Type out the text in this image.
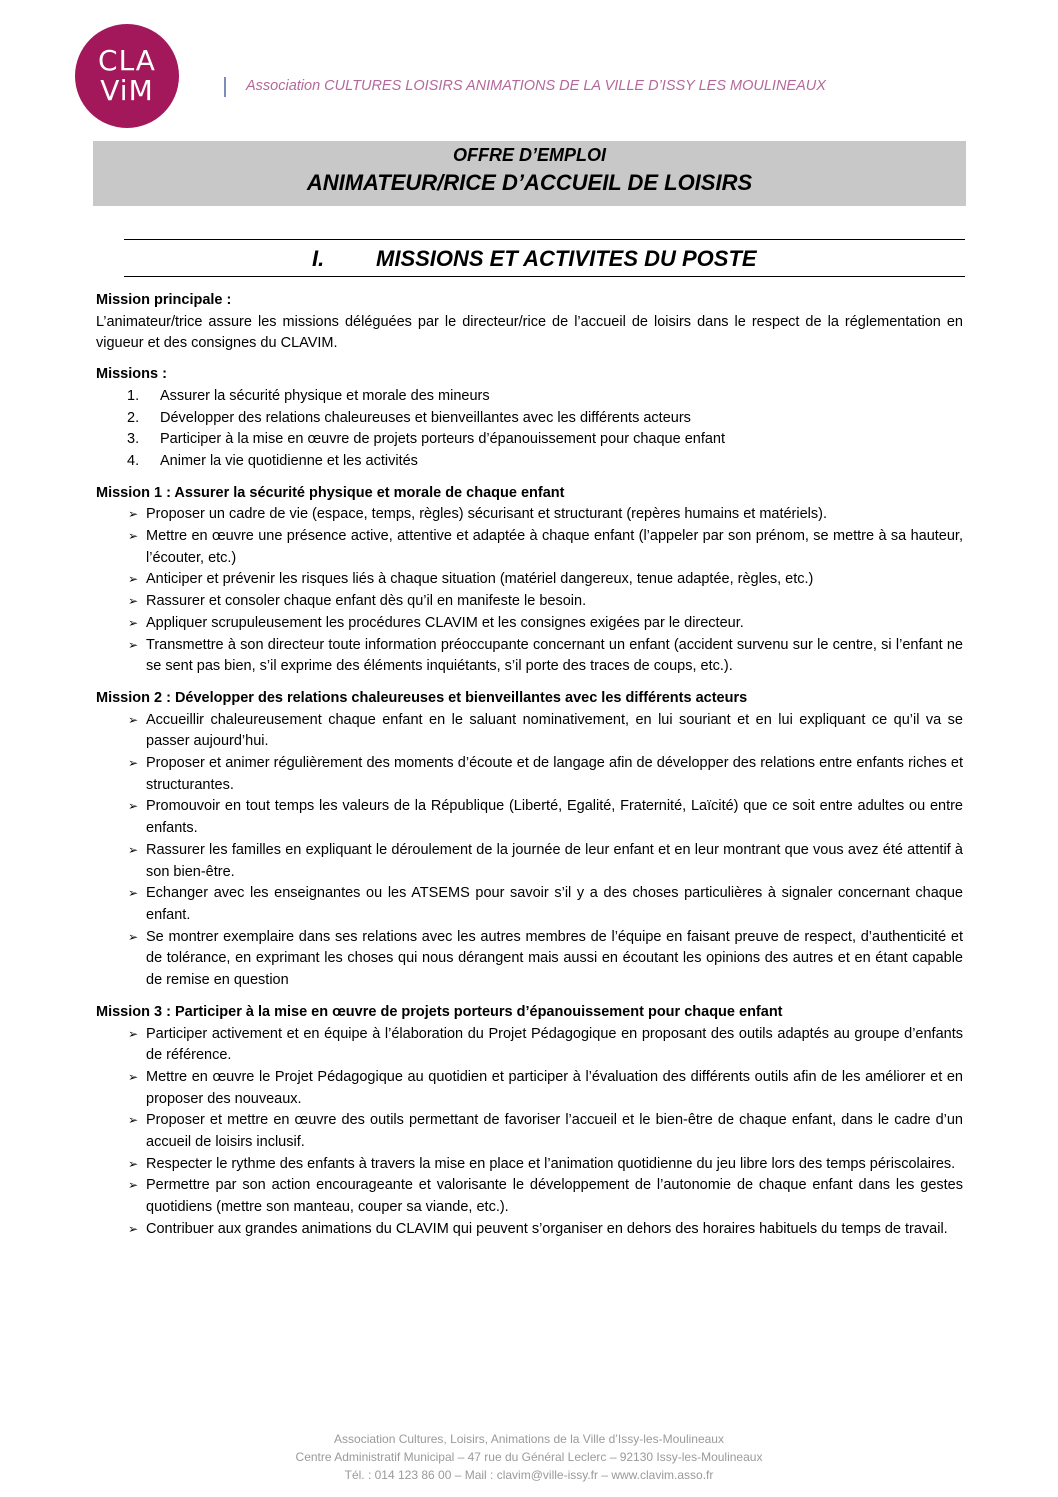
CLA
ViM	Association CULTURES LOISIRS ANIMATIONS DE LA VILLE D’ISSY LES MOULINEAUX
OFFRE D’EMPLOI
ANIMATEUR/RICE D’ACCUEIL DE LOISIRS
I. MISSIONS ET ACTIVITES DU POSTE
Mission principale :

L’animateur/trice assure les missions déléguées par le directeur/rice de l’accueil de loisirs dans le respect de la réglementation en vigueur et des consignes du CLAVIM.

Missions :
1. Assurer la sécurité physique et morale des mineurs
2. Développer des relations chaleureuses et bienveillantes avec les différents acteurs
3. Participer à la mise en œuvre de projets porteurs d’épanouissement pour chaque enfant
4. Animer la vie quotidienne et les activités
Mission 1 : Assurer la sécurité physique et morale de chaque enfant
➢ Proposer un cadre de vie (espace, temps, règles) sécurisant et structurant (repères humains et matériels).
➢ Mettre en œuvre une présence active, attentive et adaptée à chaque enfant (l’appeler par son prénom, se mettre à sa hauteur, l’écouter, etc.)
➢ Anticiper et prévenir les risques liés à chaque situation (matériel dangereux, tenue adaptée, règles, etc.)
➢ Rassurer et consoler chaque enfant dès qu’il en manifeste le besoin.
➢ Appliquer scrupuleusement les procédures CLAVIM et les consignes exigées par le directeur.
➢ Transmettre à son directeur toute information préoccupante concernant un enfant (accident survenu sur le centre, si l’enfant ne se sent pas bien, s’il exprime des éléments inquiétants, s’il porte des traces de coups, etc.).
Mission 2 : Développer des relations chaleureuses et bienveillantes avec les différents acteurs
➢ Accueillir chaleureusement chaque enfant en le saluant nominativement, en lui souriant et en lui expliquant ce qu’il va se passer aujourd’hui.
➢ Proposer et animer régulièrement des moments d’écoute et de langage afin de développer des relations entre enfants riches et structurantes.
➢ Promouvoir en tout temps les valeurs de la République (Liberté, Egalité, Fraternité, Laïcité) que ce soit entre adultes ou entre enfants.
➢ Rassurer les familles en expliquant le déroulement de la journée de leur enfant et en leur montrant que vous avez été attentif à son bien-être.
➢ Echanger avec les enseignantes ou les ATSEMS pour savoir s’il y a des choses particulières à signaler concernant chaque enfant.
➢ Se montrer exemplaire dans ses relations avec les autres membres de l’équipe en faisant preuve de respect, d’authenticité et de tolérance, en exprimant les choses qui nous dérangent mais aussi en écoutant les opinions des autres et en étant capable de remise en question
Mission 3 : Participer à la mise en œuvre de projets porteurs d’épanouissement pour chaque enfant
➢ Participer activement et en équipe à l’élaboration du Projet Pédagogique en proposant des outils adaptés au groupe d’enfants de référence.
➢ Mettre en œuvre le Projet Pédagogique au quotidien et participer à l’évaluation des différents outils afin de les améliorer et en proposer des nouveaux.
➢ Proposer et mettre en œuvre des outils permettant de favoriser l’accueil et le bien-être de chaque enfant, dans le cadre d’un accueil de loisirs inclusif.
➢ Respecter le rythme des enfants à travers la mise en place et l’animation quotidienne du jeu libre lors des temps périscolaires.
➢ Permettre par son action encourageante et valorisante le développement de l’autonomie de chaque enfant dans les gestes quotidiens (mettre son manteau, couper sa viande, etc.).
➢ Contribuer aux grandes animations du CLAVIM qui peuvent s’organiser en dehors des horaires habituels du temps de travail.
Association Cultures, Loisirs, Animations de la Ville d’Issy-les-Moulineaux
Centre Administratif Municipal – 47 rue du Général Leclerc – 92130 Issy-les-Moulineaux
Tél. : 014 123 86 00 – Mail : clavim@ville-issy.fr – www.clavim.asso.fr
